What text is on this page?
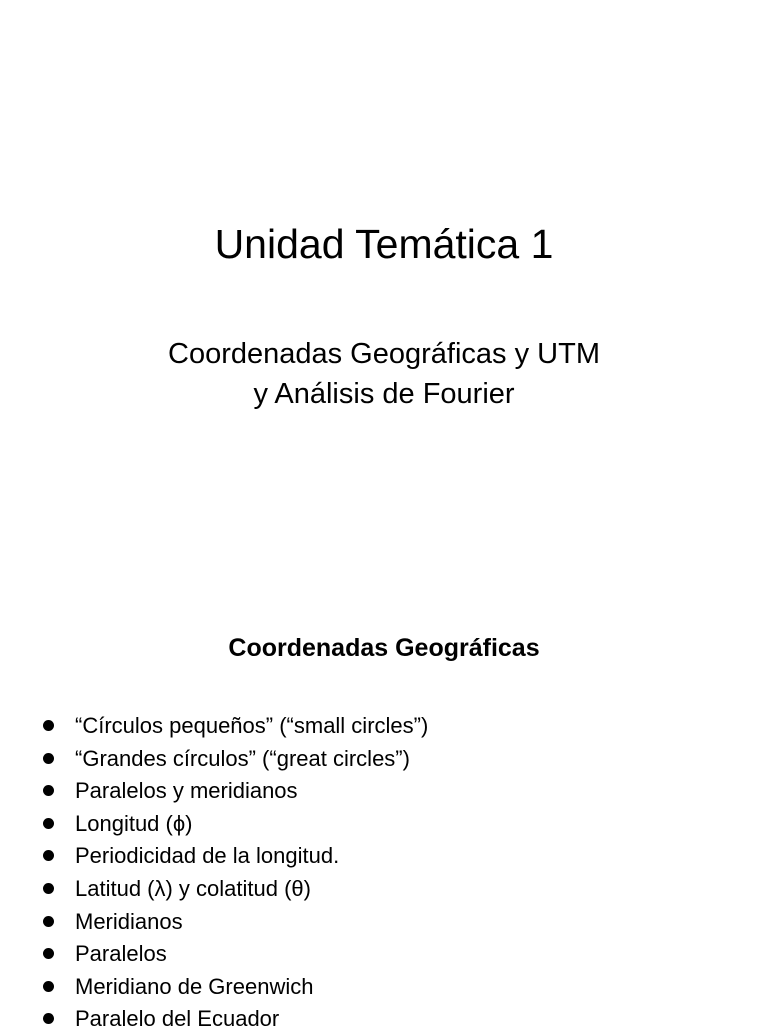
Unidad Temática 1
Coordenadas Geográficas y UTM
y Análisis de Fourier
Coordenadas Geográficas
“Círculos pequeños” (“small circles”)
“Grandes círculos” (“great circles”)
Paralelos y meridianos
Longitud (ϕ)
Periodicidad de la longitud.
Latitud (λ) y colatitud (θ)
Meridianos
Paralelos
Meridiano de Greenwich
Paralelo del Ecuador
